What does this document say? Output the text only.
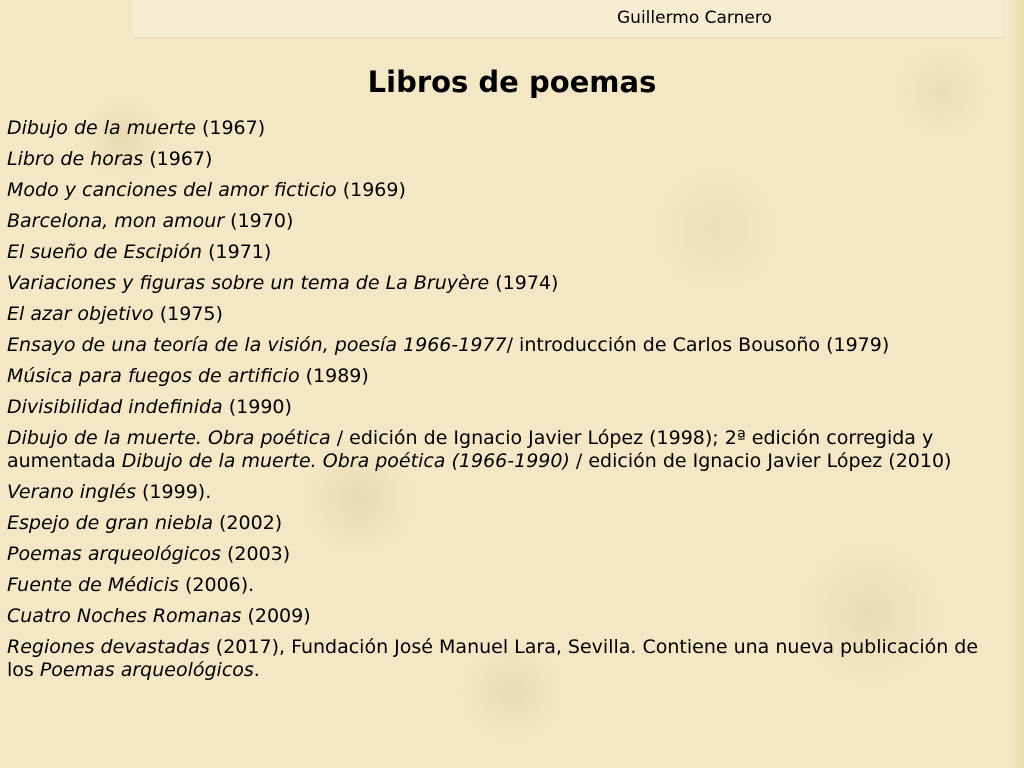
Guillermo Carnero
Libros de poemas
Dibujo de la muerte (1967)
Libro de horas (1967)
Modo y canciones del amor ficticio (1969)
Barcelona, mon amour (1970)
El sueño de Escipión (1971)
Variaciones y figuras sobre un tema de La Bruyère (1974)
El azar objetivo (1975)
Ensayo de una teoría de la visión, poesía 1966-1977/ introducción de Carlos Bousoño (1979)
Música para fuegos de artificio (1989)
Divisibilidad indefinida (1990)
Dibujo de la muerte. Obra poética / edición de Ignacio Javier López (1998); 2ª edición corregida y aumentada Dibujo de la muerte. Obra poética (1966-1990) / edición de Ignacio Javier López (2010)
Verano inglés (1999).
Espejo de gran niebla (2002)
Poemas arqueológicos (2003)
Fuente de Médicis (2006).
Cuatro Noches Romanas (2009)
Regiones devastadas (2017), Fundación José Manuel Lara, Sevilla. Contiene una nueva publicación de los Poemas arqueológicos.
